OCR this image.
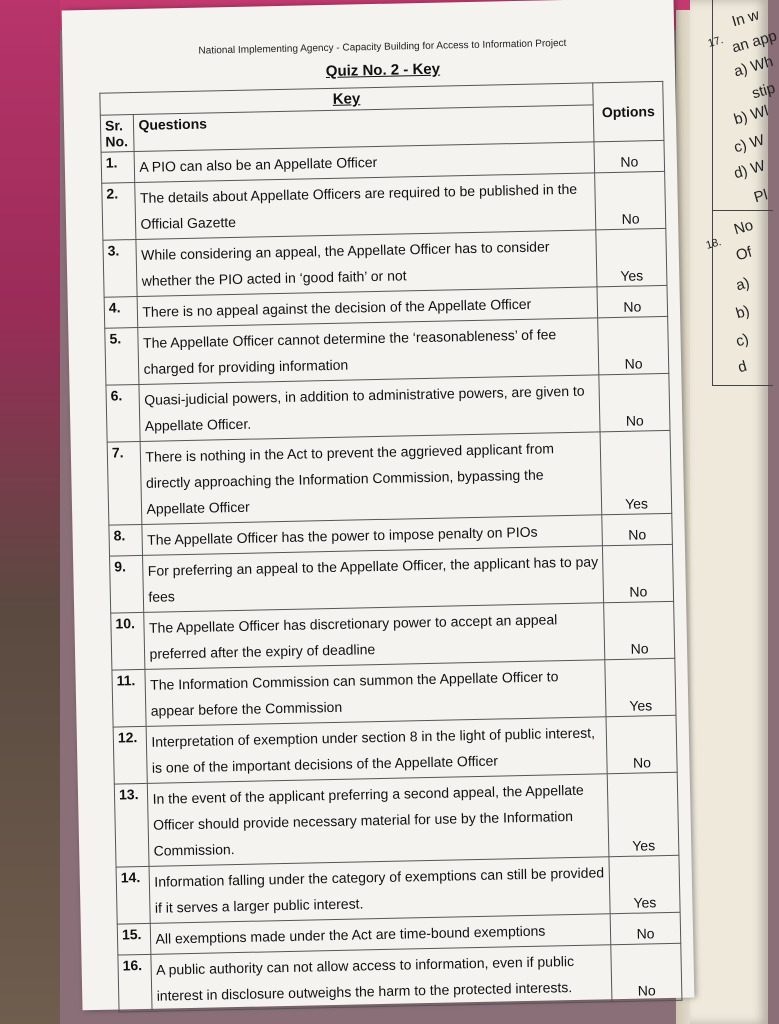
17.
In w
an app
a) Wh
stip
b) Wl
c) W
d) W
Pl
18.
No
Of
a)
b)
c)
d
National Implementing Agency - Capacity Building for Access to Information Project
Quiz No. 2 - Key
Key		Options
Sr. No.	Questions	
1.	A PIO can also be an Appellate Officer	No
2.	The details about Appellate Officers are required to be published in the Official Gazette	No
3.	While considering an appeal, the Appellate Officer has to consider whether the PIO acted in ‘good faith’ or not	Yes
4.	There is no appeal against the decision of the Appellate Officer	No
5.	The Appellate Officer cannot determine the ‘reasonableness’ of fee charged for providing information	No
6.	Quasi-judicial powers, in addition to administrative powers, are given to Appellate Officer.	No
7.	There is nothing in the Act to prevent the aggrieved applicant from directly approaching the Information Commission, bypassing the Appellate Officer	Yes
8.	The Appellate Officer has the power to impose penalty on PIOs	No
9.	For preferring an appeal to the Appellate Officer, the applicant has to pay fees	No
10.	The Appellate Officer has discretionary power to accept an appeal preferred after the expiry of deadline	No
11.	The Information Commission can summon the Appellate Officer to appear before the Commission	Yes
12.	Interpretation of exemption under section 8 in the light of public interest, is one of the important decisions of the Appellate Officer	No
13.	In the event of the applicant preferring a second appeal, the Appellate Officer should provide necessary material for use by the Information Commission.	Yes
14.	Information falling under the category of exemptions can still be provided if it serves a larger public interest.	Yes
15.	All exemptions made under the Act are time-bound exemptions	No
16.	A public authority can not allow access to information, even if public interest in disclosure outweighs the harm to the protected interests.	No
